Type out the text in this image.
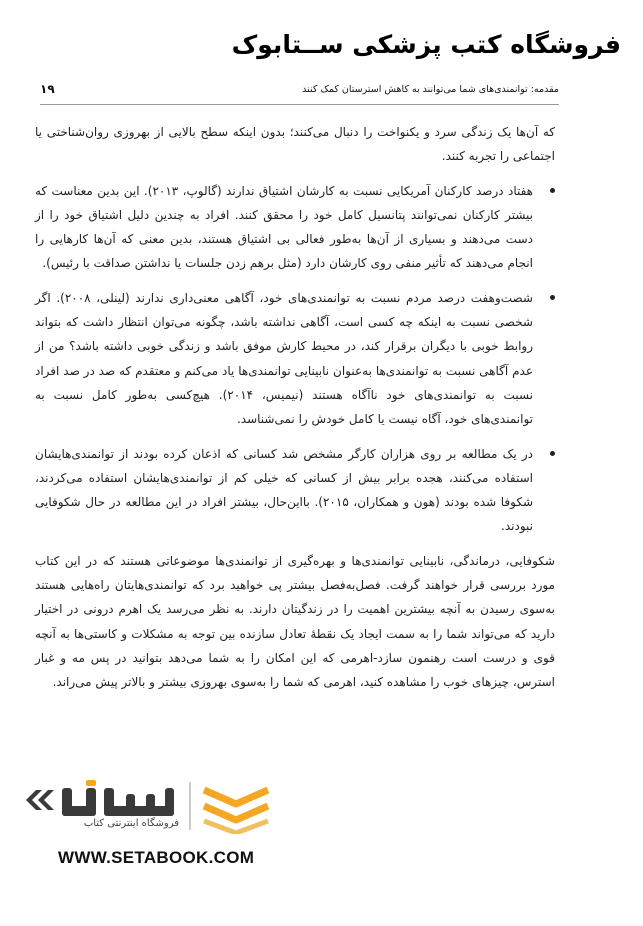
فروشگاه کتب پزشکی ســتابوک
مقدمه: توانمندی‌های شما می‌توانند به کاهش استرستان کمک کنند
۱۹

که آن‌ها یک زندگی سرد و یکنواخت را دنبال می‌کنند؛ بدون اینکه سطح بالایی از بهروزی روان‌شناختی یا اجتماعی را تجربه کنند.

هفتاد درصد کارکنان آمریکایی نسبت به کارشان اشتیاق ندارند (گالوپ، ۲۰۱۳). این بدین معناست که بیشتر کارکنان نمی‌توانند پتانسیل کامل خود را محقق کنند. افراد به چندین دلیل اشتیاق خود را از دست می‌دهند و بسیاری از آن‌ها به‌طور فعالی بی اشتیاق هستند، بدین معنی که آن‌ها کارهایی را انجام می‌دهند که تأثیر منفی روی کارشان دارد (مثل برهم زدن جلسات یا نداشتن صداقت با رئیس).
شصت‌وهفت درصد مردم نسبت به توانمندی‌های خود، آگاهی معنی‌داری ندارند (لینلی، ۲۰۰۸). اگر شخصی نسبت به اینکه چه کسی است، آگاهی نداشته باشد، چگونه می‌توان انتظار داشت که بتواند روابط خوبی با دیگران برقرار کند، در محیط کارش موفق باشد و زندگی خوبی داشته باشد؟ من از عدم آگاهی نسبت به توانمندی‌ها به‌عنوان نابینایی توانمندی‌ها یاد می‌کنم و معتقدم که صد در صد افراد نسبت به توانمندی‌های خود ناآگاه هستند (نیمیس، ۲۰۱۴). هیچ‌کسی به‌طور کامل نسبت به توانمندی‌های خود، آگاه نیست یا کامل خودش را نمی‌شناسد.
در یک مطالعه بر روی هزاران کارگر مشخص شد کسانی که اذعان کرده بودند از توانمندی‌هایشان استفاده می‌کنند، هجده برابر بیش از کسانی که خیلی کم از توانمندی‌هایشان استفاده می‌کردند، شکوفا شده بودند (هون و همکاران، ۲۰۱۵). بااین‌حال، بیشتر افراد در این مطالعه در حال شکوفایی نبودند.

شکوفایی، درماندگی، نابینایی توانمندی‌ها و بهره‌گیری از توانمندی‌ها موضوعاتی هستند که در این کتاب مورد بررسی قرار خواهند گرفت. فصل‌به‌فصل بیشتر پی خواهید برد که توانمندی‌هایتان راه‌هایی هستند به‌سوی رسیدن به آنچه بیشترین اهمیت را در زندگیتان دارند. به نظر می‌رسد یک اهرم درونی در اختیار دارید که می‌تواند شما را به سمت ایجاد یک نقطهٔ تعادل سازنده بین توجه به مشکلات و کاستی‌ها به آنچه قوی و درست است رهنمون سازد-اهرمی که این امکان را به شما می‌دهد بتوانید در پس مه و غبار استرس، چیزهای خوب را مشاهده کنید، اهرمی که شما را به‌سوی بهروزی بیشتر و بالاتر پیش می‌راند.

فروشگاه اینترنتی کتاب

WWW.SETABOOK.COM
